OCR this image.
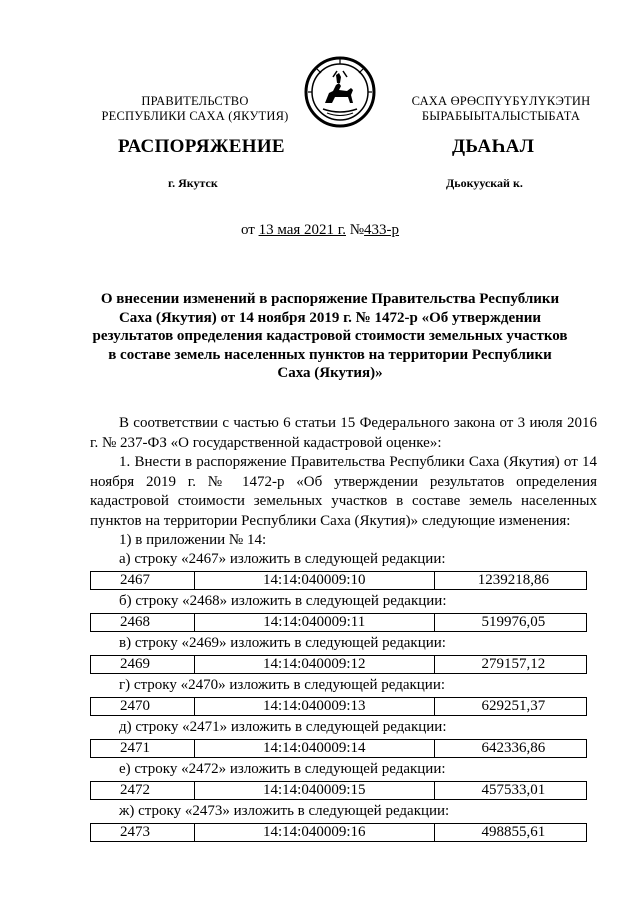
ПРАВИТЕЛЬСТВО
РЕСПУБЛИКИ САХА (ЯКУТИЯ)
САХА ӨРӨСПҮҮБҮЛҮКЭТИН
БЫРАБЫЫТАЛЫСТЫБАТА
РАСПОРЯЖЕНИЕ	ДЬАҺАЛ
г. Якутск	Дьокуускай к.
от 13 мая 2021 г. №433-р
О внесении изменений в распоряжение Правительства Республики
Саха (Якутия) от 14 ноября 2019 г. № 1472-р «Об утверждении
результатов определения кадастровой стоимости земельных участков
в составе земель населенных пунктов на территории Республики
Саха (Якутия)»
В соответствии с частью 6 статьи 15 Федерального закона от 3 июля 2016 г. № 237-ФЗ «О государственной кадастровой оценке»:
1. Внести в распоряжение Правительства Республики Саха (Якутия) от 14 ноября 2019 г. № 1472-р «Об утверждении результатов определения кадастровой стоимости земельных участков в составе земель населенных пунктов на территории Республики Саха (Якутия)» следующие изменения:
1) в приложении № 14:
а) строку «2467» изложить в следующей редакции:
2467	14:14:040009:10	1239218,86
б) строку «2468» изложить в следующей редакции:
2468	14:14:040009:11	519976,05
в) строку «2469» изложить в следующей редакции:
2469	14:14:040009:12	279157,12
г) строку «2470» изложить в следующей редакции:
2470	14:14:040009:13	629251,37
д) строку «2471» изложить в следующей редакции:
2471	14:14:040009:14	642336,86
е) строку «2472» изложить в следующей редакции:
2472	14:14:040009:15	457533,01
ж) строку «2473» изложить в следующей редакции:
2473	14:14:040009:16	498855,61
